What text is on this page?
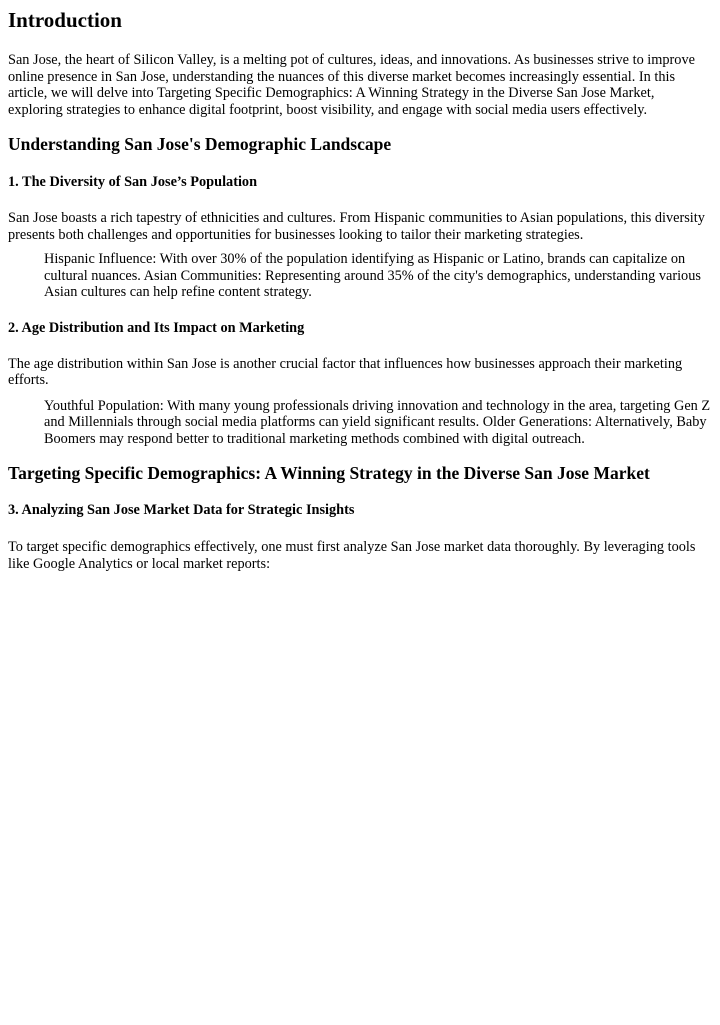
Introduction

San Jose, the heart of Silicon Valley, is a melting pot of cultures, ideas, and innovations. As businesses strive to improve online presence in San Jose, understanding the nuances of this diverse market becomes increasingly essential. In this article, we will delve into Targeting Specific Demographics: A Winning Strategy in the Diverse San Jose Market, exploring strategies to enhance digital footprint, boost visibility, and engage with social media users effectively.

Understanding San Jose's Demographic Landscape
1. The Diversity of San Jose’s Population

San Jose boasts a rich tapestry of ethnicities and cultures. From Hispanic communities to Asian populations, this diversity presents both challenges and opportunities for businesses looking to tailor their marketing strategies.

Hispanic Influence: With over 30% of the population identifying as Hispanic or Latino, brands can capitalize on cultural nuances. Asian Communities: Representing around 35% of the city's demographics, understanding various Asian cultures can help refine content strategy.
2. Age Distribution and Its Impact on Marketing

The age distribution within San Jose is another crucial factor that influences how businesses approach their marketing efforts.

Youthful Population: With many young professionals driving innovation and technology in the area, targeting Gen Z and Millennials through social media platforms can yield significant results. Older Generations: Alternatively, Baby Boomers may respond better to traditional marketing methods combined with digital outreach.
Targeting Specific Demographics: A Winning Strategy in the Diverse San Jose Market
3. Analyzing San Jose Market Data for Strategic Insights

To target specific demographics effectively, one must first analyze San Jose market data thoroughly. By leveraging tools like Google Analytics or local market reports:
